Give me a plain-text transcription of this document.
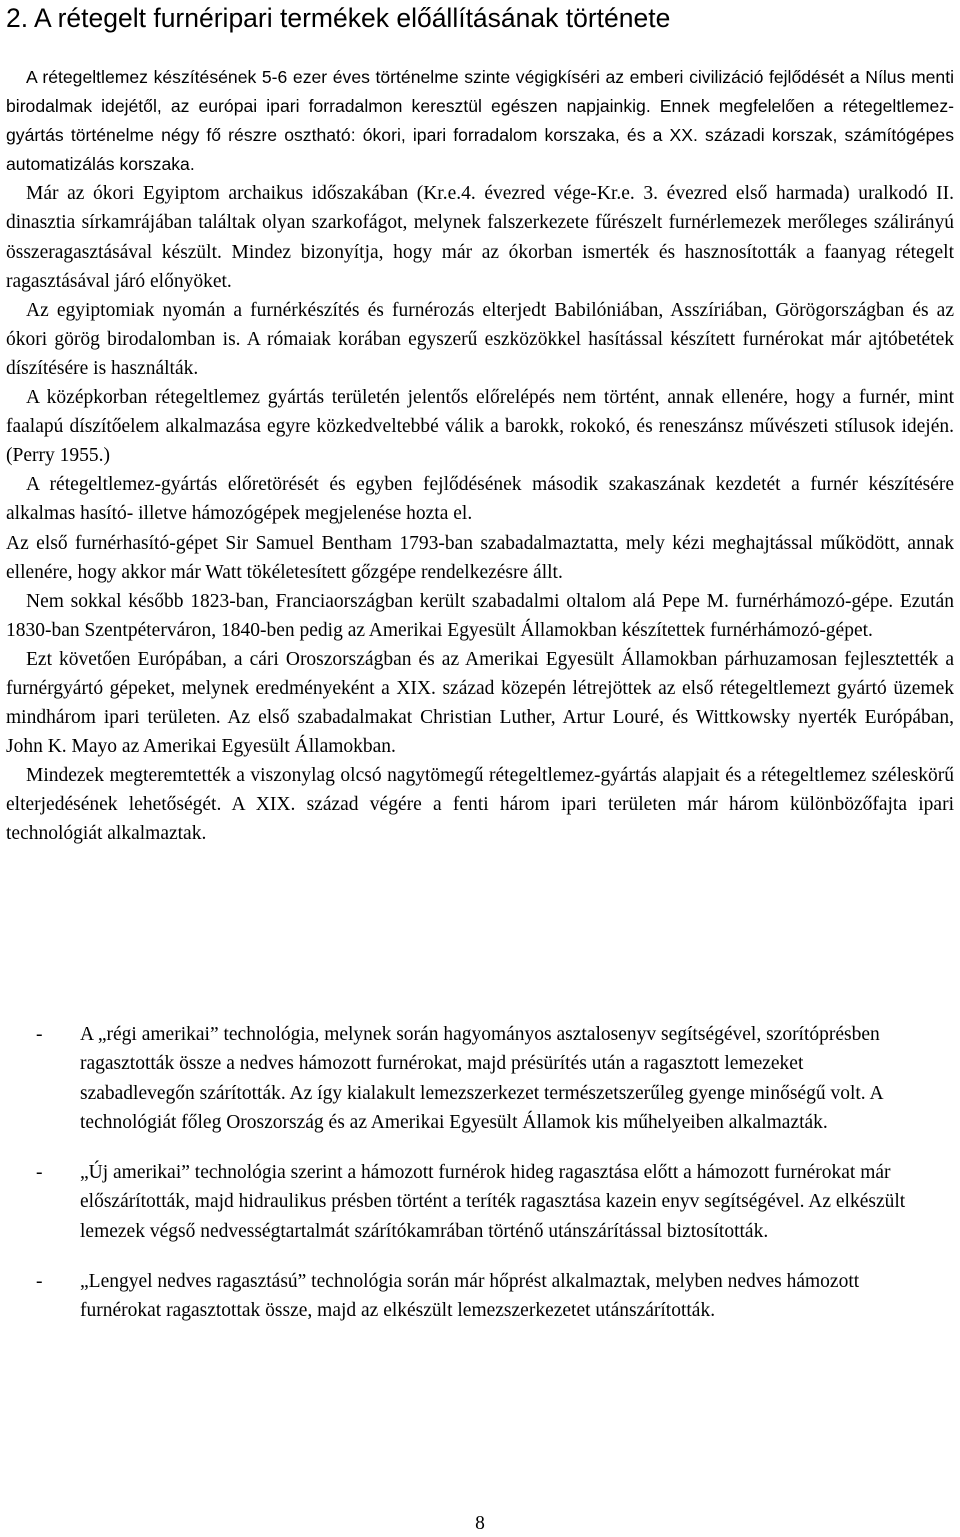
2. A rétegelt furnéripari termékek előállításának története

A rétegeltlemez készítésének 5-6 ezer éves történelme szinte végigkíséri az emberi civilizáció fejlődését a Nílus menti birodalmak idejétől, az európai ipari forradalmon keresztül egészen napjainkig. Ennek megfelelően a rétegeltlemez-gyártás történelme négy fő részre osztható: ókori, ipari forradalom korszaka, és a XX. századi korszak, számítógépes automatizálás korszaka.

Már az ókori Egyiptom archaikus időszakában (Kr.e.4. évezred vége-Kr.e. 3. évezred első harmada) uralkodó II. dinasztia sírkamrájában találtak olyan szarkofágot, melynek falszerkezete fűrészelt furnérlemezek merőleges szálirányú összeragasztásával készült. Mindez bizonyítja, hogy már az ókorban ismerték és hasznosították a faanyag rétegelt ragasztásával járó előnyöket.

Az egyiptomiak nyomán a furnérkészítés és furnérozás elterjedt Babilóniában, Asszíriában, Görögországban és az ókori görög birodalomban is. A rómaiak korában egyszerű eszközökkel hasítással készített furnérokat már ajtóbetétek díszítésére is használták.

A középkorban rétegeltlemez gyártás területén jelentős előrelépés nem történt, annak ellenére, hogy a furnér, mint faalapú díszítőelem alkalmazása egyre közkedveltebbé válik a barokk, rokokó, és reneszánsz művészeti stílusok idején. (Perry 1955.)

A rétegeltlemez-gyártás előretörését és egyben fejlődésének második szakaszának kezdetét a furnér készítésére alkalmas hasító- illetve hámozógépek megjelenése hozta el.

Az első furnérhasító-gépet Sir Samuel Bentham 1793-ban szabadalmaztatta, mely kézi meghajtással működött, annak ellenére, hogy akkor már Watt tökéletesített gőzgépe rendelkezésre állt.

Nem sokkal később 1823-ban, Franciaországban került szabadalmi oltalom alá Pepe M. furnérhámozó-gépe. Ezután 1830-ban Szentpéterváron, 1840-ben pedig az Amerikai Egyesült Államokban készítettek furnérhámozó-gépet.

Ezt követően Európában, a cári Oroszországban és az Amerikai Egyesült Államokban párhuzamosan fejlesztették a furnérgyártó gépeket, melynek eredményeként a XIX. század közepén létrejöttek az első rétegeltlemezt gyártó üzemek mindhárom ipari területen. Az első szabadalmakat Christian Luther, Artur Louré, és Wittkowsky nyerték Európában, John K. Mayo az Amerikai Egyesült Államokban.

Mindezek megteremtették a viszonylag olcsó nagytömegű rétegeltlemez-gyártás alapjait és a rétegeltlemez széleskörű elterjedésének lehetőségét. A XIX. század végére a fenti három ipari területen már három különbözőfajta ipari technológiát alkalmaztak.

-	A „régi amerikai” technológia, melynek során hagyományos asztalosenyv segítségével, szorítóprésben ragasztották össze a nedves hámozott furnérokat, majd présürítés után a ragasztott lemezeket szabadlevegőn szárították. Az így kialakult lemezszerkezet természetszerűleg gyenge minőségű volt. A technológiát főleg Oroszország és az Amerikai Egyesült Államok kis műhelyeiben alkalmazták.
-	„Új amerikai” technológia szerint a hámozott furnérok hideg ragasztása előtt a hámozott furnérokat már előszárították, majd hidraulikus présben történt a teríték ragasztása kazein enyv segítségével. Az elkészült lemezek végső nedvességtartalmát szárítókamrában történő utánszárítással biztosították.
-	„Lengyel nedves ragasztású” technológia során már hőprést alkalmaztak, melyben nedves hámozott furnérokat ragasztottak össze, majd az elkészült lemezszerkezetet utánszárították.
8
